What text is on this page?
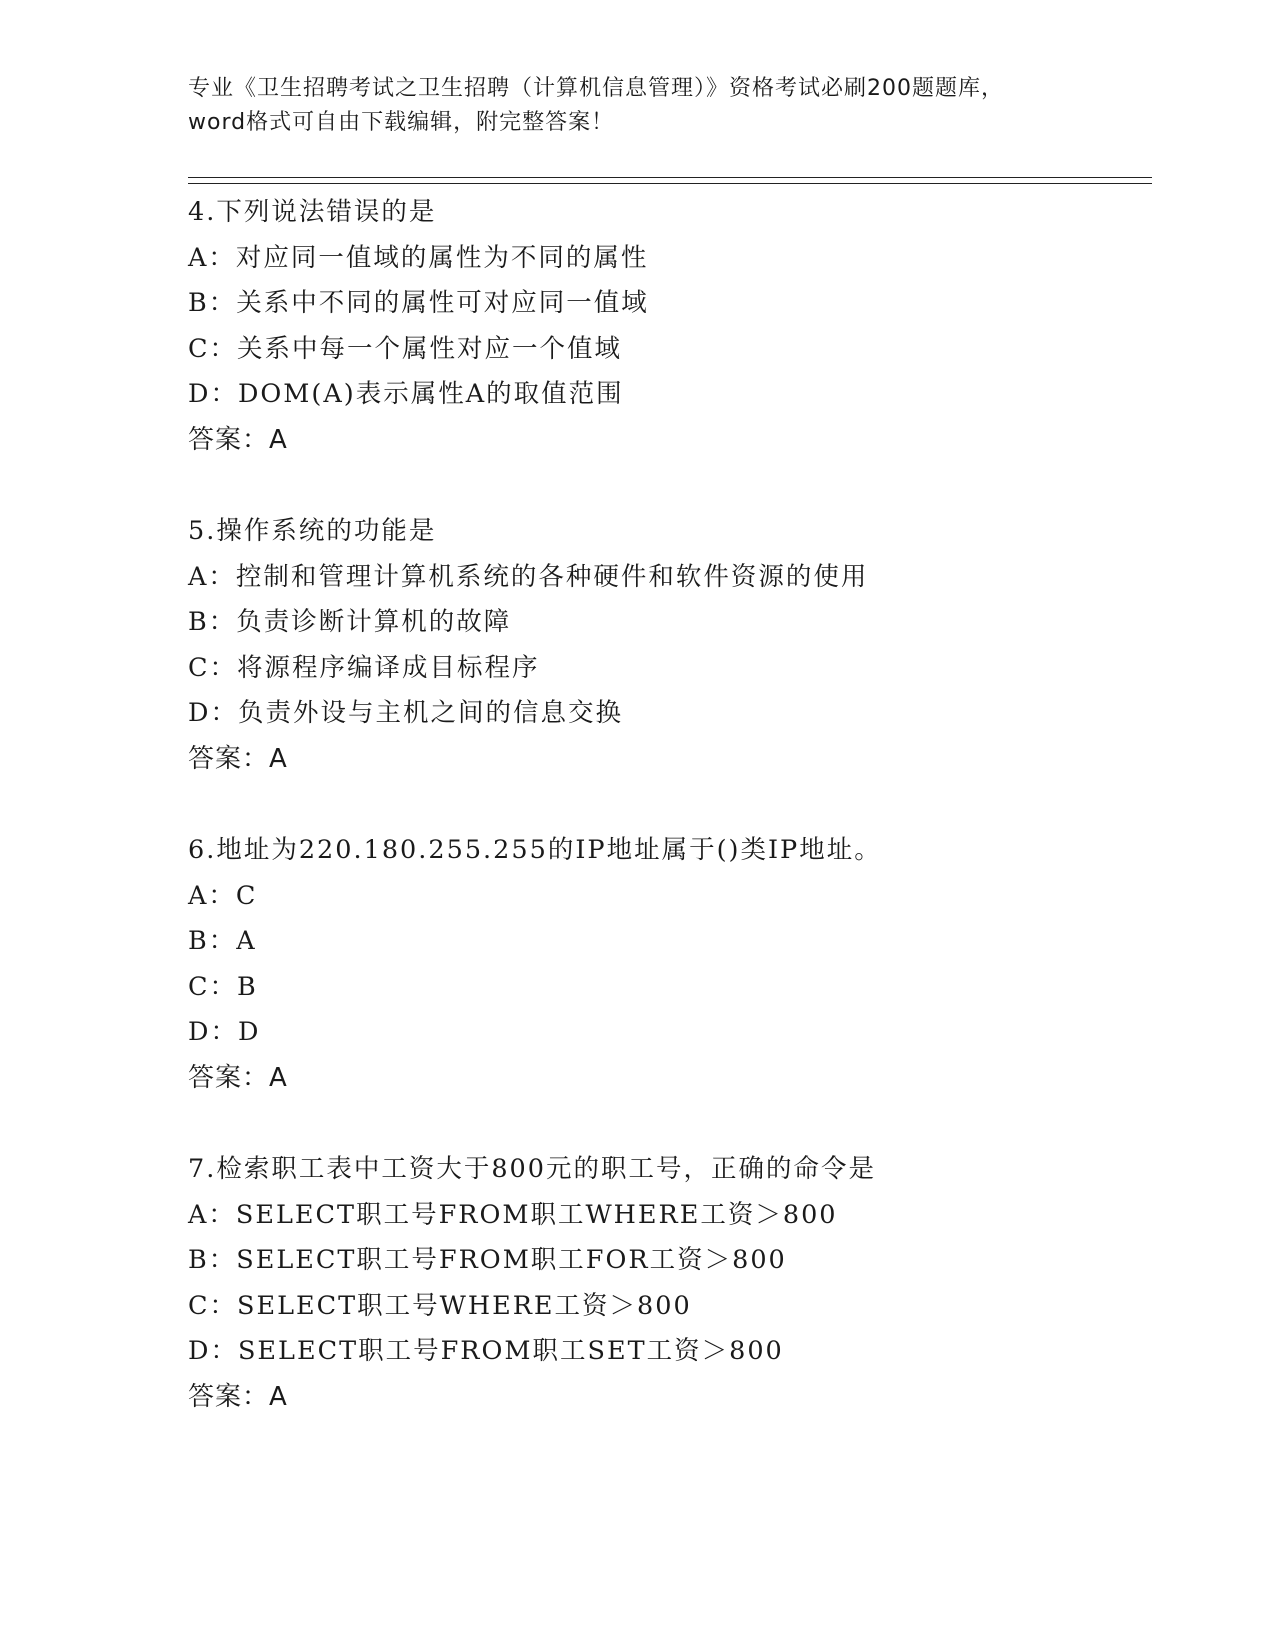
专业《卫生招聘考试之卫生招聘（计算机信息管理）》资格考试必刷200题题库，
word格式可自由下载编辑，附完整答案！
4.下列说法错误的是
A：对应同一值域的属性为不同的属性
B：关系中不同的属性可对应同一值域
C：关系中每一个属性对应一个值域
D：DOM(A)表示属性A的取值范围
答案：A
5.操作系统的功能是
A：控制和管理计算机系统的各种硬件和软件资源的使用
B：负责诊断计算机的故障
C：将源程序编译成目标程序
D：负责外设与主机之间的信息交换
答案：A
6.地址为220.180.255.255的IP地址属于()类IP地址。
A：C
B：A
C：B
D：D
答案：A
7.检索职工表中工资大于800元的职工号，正确的命令是
A：SELECT职工号FROM职工WHERE工资＞800
B：SELECT职工号FROM职工FOR工资＞800
C：SELECT职工号WHERE工资＞800
D：SELECT职工号FROM职工SET工资＞800
答案：A
